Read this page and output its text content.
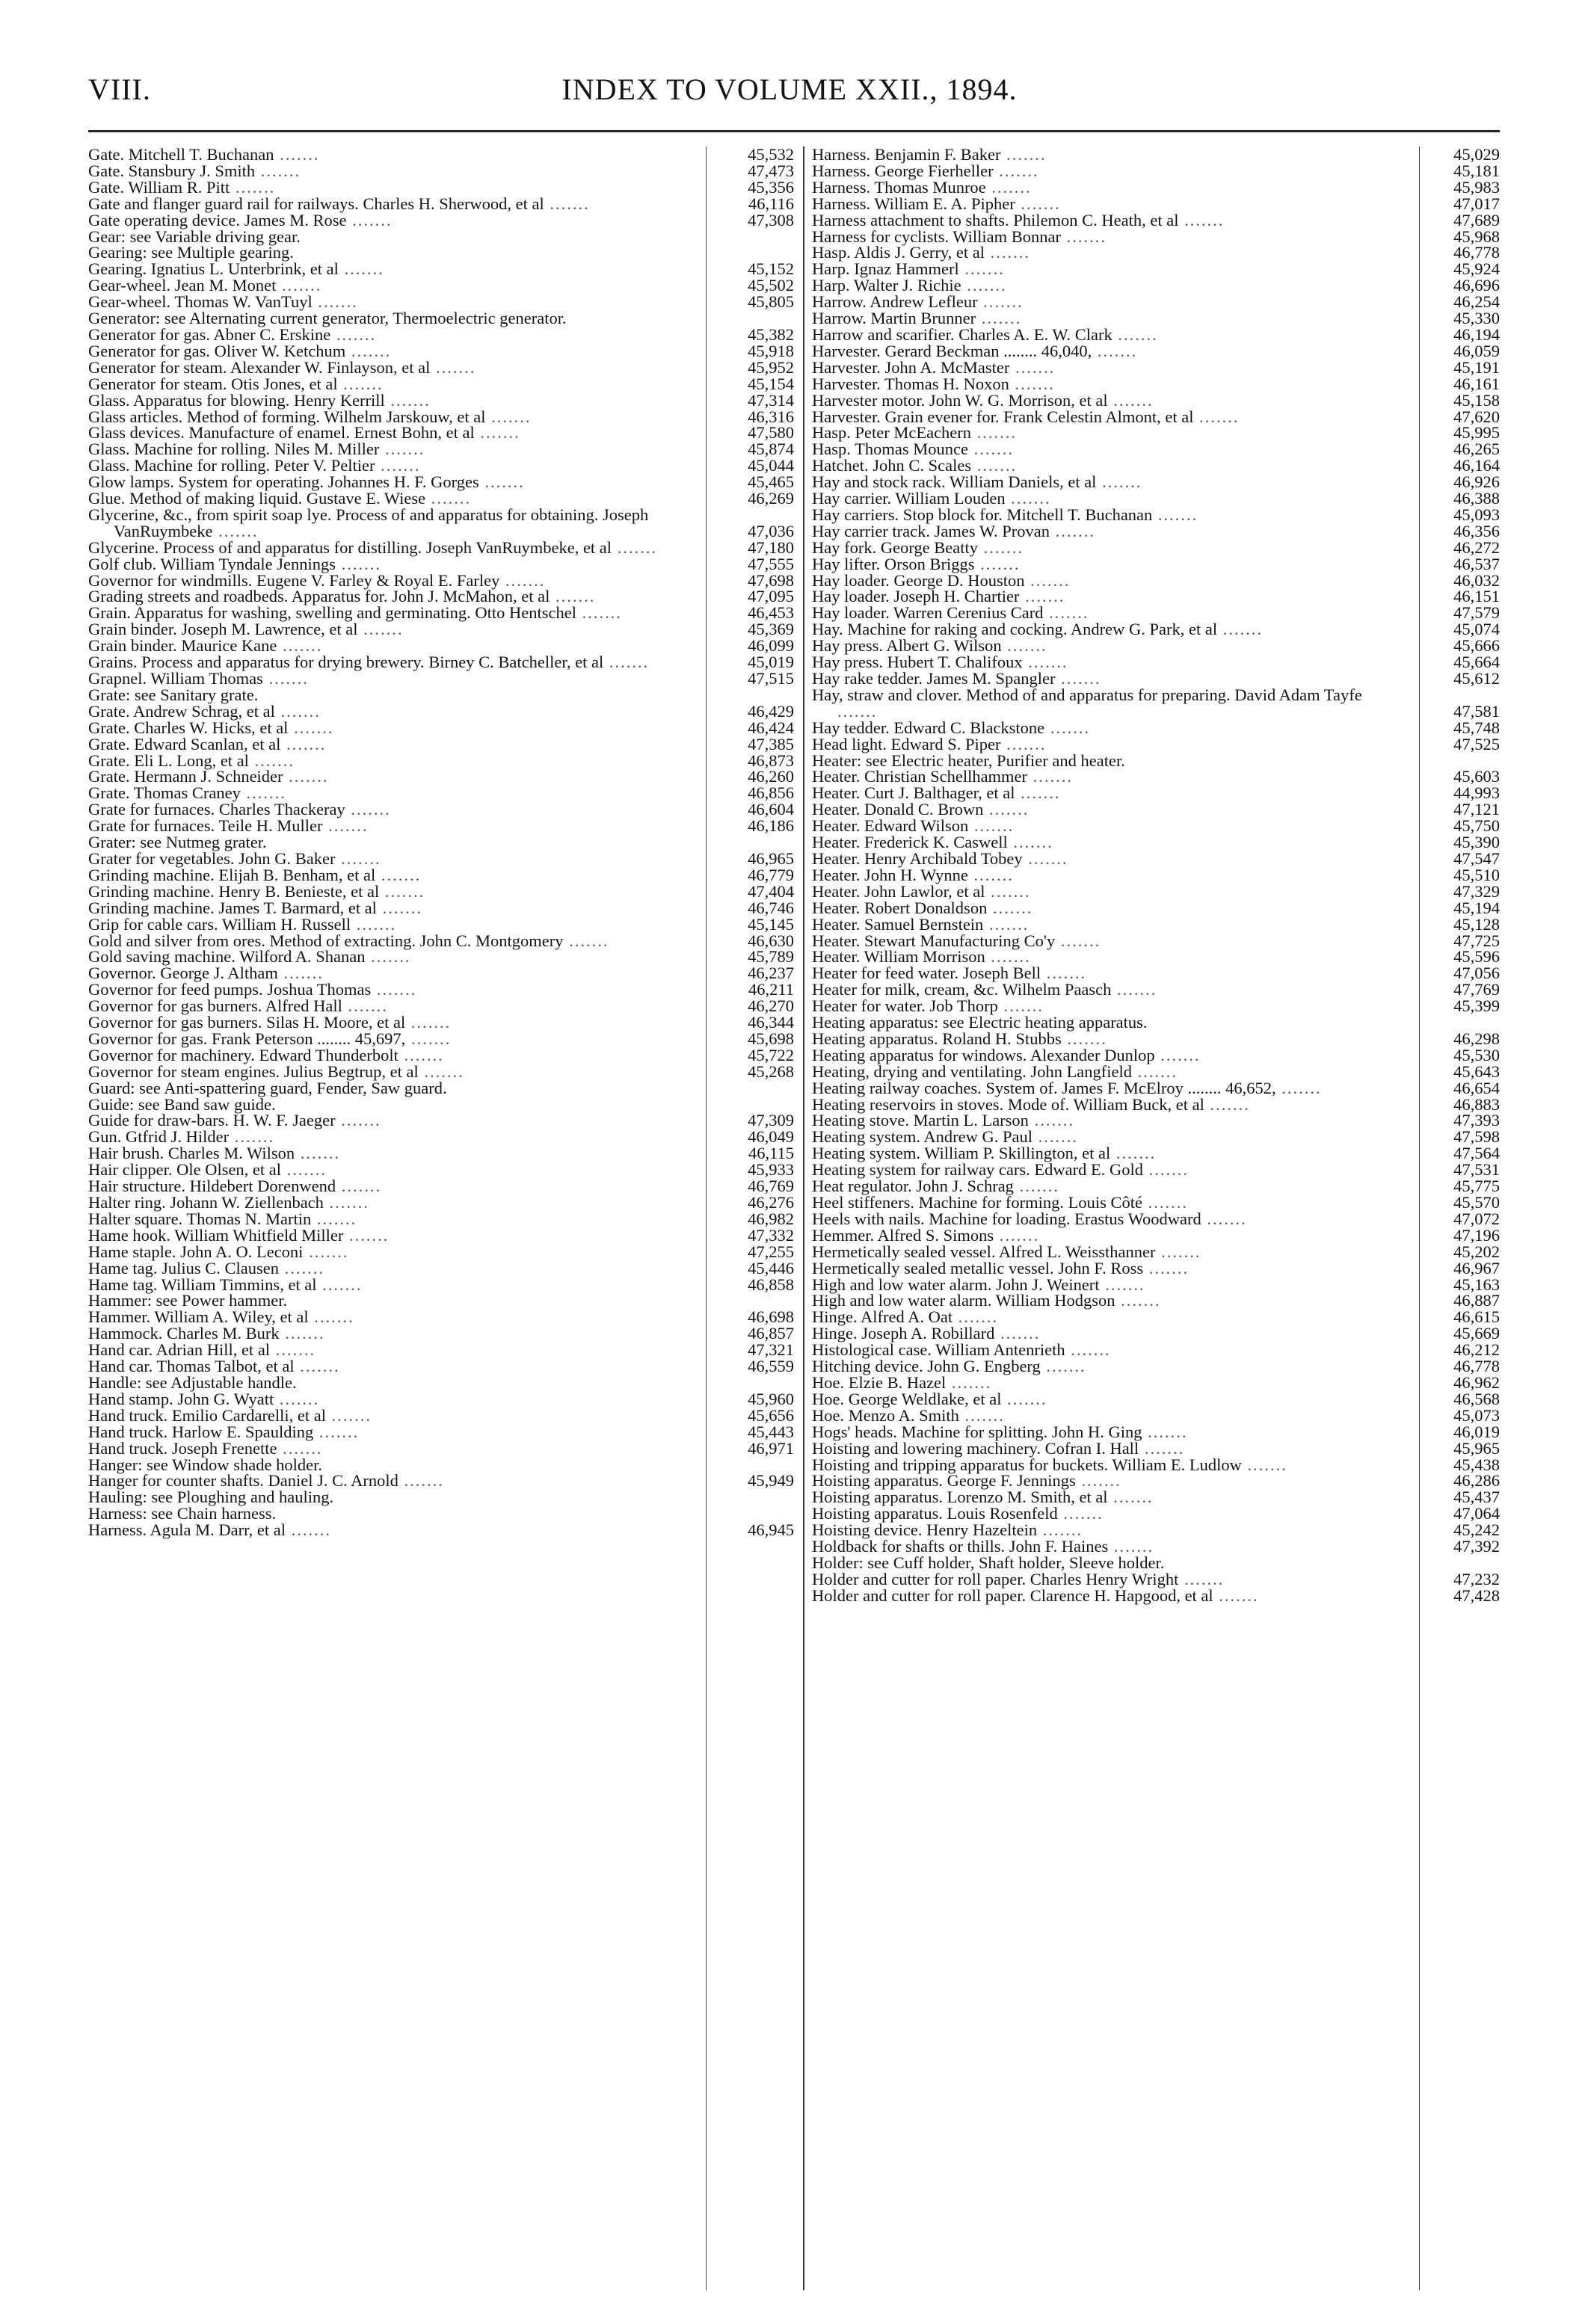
VIII.	INDEX TO VOLUME XXII., 1894.
Gate. Mitchell T. Buchanan .......	45,532
Gate. Stansbury J. Smith .......	47,473
Gate. William R. Pitt .......	45,356
Gate and flanger guard rail for railways. Charles H. Sherwood, et al .......	46,116
Gate operating device. James M. Rose .......	47,308
Gear: see Variable driving gear.
Gearing: see Multiple gearing.
Gearing. Ignatius L. Unterbrink, et al .......	45,152
Gear-wheel. Jean M. Monet .......	45,502
Gear-wheel. Thomas W. VanTuyl .......	45,805
Generator: see Alternating current generator, Thermoelectric generator.
Generator for gas. Abner C. Erskine .......	45,382
Generator for gas. Oliver W. Ketchum .......	45,918
Generator for steam. Alexander W. Finlayson, et al .......	45,952
Generator for steam. Otis Jones, et al .......	45,154
Glass. Apparatus for blowing. Henry Kerrill .......	47,314
Glass articles. Method of forming. Wilhelm Jarskouw, et al .......	46,316
Glass devices. Manufacture of enamel. Ernest Bohn, et al .......	47,580
Glass. Machine for rolling. Niles M. Miller .......	45,874
Glass. Machine for rolling. Peter V. Peltier .......	45,044
Glow lamps. System for operating. Johannes H. F. Gorges .......	45,465
Glue. Method of making liquid. Gustave E. Wiese .......	46,269
Glycerine, &c., from spirit soap lye. Process of and apparatus for obtaining. Joseph VanRuymbeke .......	47,036
Glycerine. Process of and apparatus for distilling. Joseph VanRuymbeke, et al .......	47,180
Golf club. William Tyndale Jennings .......	47,555
Governor for windmills. Eugene V. Farley & Royal E. Farley .......	47,698
Grading streets and roadbeds. Apparatus for. John J. McMahon, et al .......	47,095
Grain. Apparatus for washing, swelling and germinating. Otto Hentschel .......	46,453
Grain binder. Joseph M. Lawrence, et al .......	45,369
Grain binder. Maurice Kane .......	46,099
Grains. Process and apparatus for drying brewery. Birney C. Batcheller, et al .......	45,019
Grapnel. William Thomas .......	47,515
Grate: see Sanitary grate.
Grate. Andrew Schrag, et al .......	46,429
Grate. Charles W. Hicks, et al .......	46,424
Grate. Edward Scanlan, et al .......	47,385
Grate. Eli L. Long, et al .......	46,873
Grate. Hermann J. Schneider .......	46,260
Grate. Thomas Craney .......	46,856
Grate for furnaces. Charles Thackeray .......	46,604
Grate for furnaces. Teile H. Muller .......	46,186
Grater: see Nutmeg grater.
Grater for vegetables. John G. Baker .......	46,965
Grinding machine. Elijah B. Benham, et al .......	46,779
Grinding machine. Henry B. Benieste, et al .......	47,404
Grinding machine. James T. Barmard, et al .......	46,746
Grip for cable cars. William H. Russell .......	45,145
Gold and silver from ores. Method of extracting. John C. Montgomery .......	46,630
Gold saving machine. Wilford A. Shanan .......	45,789
Governor. George J. Altham .......	46,237
Governor for feed pumps. Joshua Thomas .......	46,211
Governor for gas burners. Alfred Hall .......	46,270
Governor for gas burners. Silas H. Moore, et al .......	46,344
Governor for gas. Frank Peterson ........ 45,697, .......	45,698
Governor for machinery. Edward Thunderbolt .......	45,722
Governor for steam engines. Julius Begtrup, et al .......	45,268
Guard: see Anti-spattering guard, Fender, Saw guard.
Guide: see Band saw guide.
Guide for draw-bars. H. W. F. Jaeger .......	47,309
Gun. Gtfrid J. Hilder .......	46,049
Hair brush. Charles M. Wilson .......	46,115
Hair clipper. Ole Olsen, et al .......	45,933
Hair structure. Hildebert Dorenwend .......	46,769
Halter ring. Johann W. Ziellenbach .......	46,276
Halter square. Thomas N. Martin .......	46,982
Hame hook. William Whitfield Miller .......	47,332
Hame staple. John A. O. Leconi .......	47,255
Hame tag. Julius C. Clausen .......	45,446
Hame tag. William Timmins, et al .......	46,858
Hammer: see Power hammer.
Hammer. William A. Wiley, et al .......	46,698
Hammock. Charles M. Burk .......	46,857
Hand car. Adrian Hill, et al .......	47,321
Hand car. Thomas Talbot, et al .......	46,559
Handle: see Adjustable handle.
Hand stamp. John G. Wyatt .......	45,960
Hand truck. Emilio Cardarelli, et al .......	45,656
Hand truck. Harlow E. Spaulding .......	45,443
Hand truck. Joseph Frenette .......	46,971
Hanger: see Window shade holder.
Hanger for counter shafts. Daniel J. C. Arnold .......	45,949
Hauling: see Ploughing and hauling.
Harness: see Chain harness.
Harness. Agula M. Darr, et al .......	46,945
Harness. Benjamin F. Baker .......	45,029
Harness. George Fierheller .......	45,181
Harness. Thomas Munroe .......	45,983
Harness. William E. A. Pipher .......	47,017
Harness attachment to shafts. Philemon C. Heath, et al .......	47,689
Harness for cyclists. William Bonnar .......	45,968
Hasp. Aldis J. Gerry, et al .......	46,778
Harp. Ignaz Hammerl .......	45,924
Harp. Walter J. Richie .......	46,696
Harrow. Andrew Lefleur .......	46,254
Harrow. Martin Brunner .......	45,330
Harrow and scarifier. Charles A. E. W. Clark .......	46,194
Harvester. Gerard Beckman ........ 46,040, .......	46,059
Harvester. John A. McMaster .......	45,191
Harvester. Thomas H. Noxon .......	46,161
Harvester motor. John W. G. Morrison, et al .......	45,158
Harvester. Grain evener for. Frank Celestin Almont, et al .......	47,620
Hasp. Peter McEachern .......	45,995
Hasp. Thomas Mounce .......	46,265
Hatchet. John C. Scales .......	46,164
Hay and stock rack. William Daniels, et al .......	46,926
Hay carrier. William Louden .......	46,388
Hay carriers. Stop block for. Mitchell T. Buchanan .......	45,093
Hay carrier track. James W. Provan .......	46,356
Hay fork. George Beatty .......	46,272
Hay lifter. Orson Briggs .......	46,537
Hay loader. George D. Houston .......	46,032
Hay loader. Joseph H. Chartier .......	46,151
Hay loader. Warren Cerenius Card .......	47,579
Hay. Machine for raking and cocking. Andrew G. Park, et al .......	45,074
Hay press. Albert G. Wilson .......	45,666
Hay press. Hubert T. Chalifoux .......	45,664
Hay rake tedder. James M. Spangler .......	45,612
Hay, straw and clover. Method of and apparatus for preparing. David Adam Tayfe .......	47,581
Hay tedder. Edward C. Blackstone .......	45,748
Head light. Edward S. Piper .......	47,525
Heater: see Electric heater, Purifier and heater.
Heater. Christian Schellhammer .......	45,603
Heater. Curt J. Balthager, et al .......	44,993
Heater. Donald C. Brown .......	47,121
Heater. Edward Wilson .......	45,750
Heater. Frederick K. Caswell .......	45,390
Heater. Henry Archibald Tobey .......	47,547
Heater. John H. Wynne .......	45,510
Heater. John Lawlor, et al .......	47,329
Heater. Robert Donaldson .......	45,194
Heater. Samuel Bernstein .......	45,128
Heater. Stewart Manufacturing Co'y .......	47,725
Heater. William Morrison .......	45,596
Heater for feed water. Joseph Bell .......	47,056
Heater for milk, cream, &c. Wilhelm Paasch .......	47,769
Heater for water. Job Thorp .......	45,399
Heating apparatus: see Electric heating apparatus.
Heating apparatus. Roland H. Stubbs .......	46,298
Heating apparatus for windows. Alexander Dunlop .......	45,530
Heating, drying and ventilating. John Langfield .......	45,643
Heating railway coaches. System of. James F. McElroy ........ 46,652, .......	46,654
Heating reservoirs in stoves. Mode of. William Buck, et al .......	46,883
Heating stove. Martin L. Larson .......	47,393
Heating system. Andrew G. Paul .......	47,598
Heating system. William P. Skillington, et al .......	47,564
Heating system for railway cars. Edward E. Gold .......	47,531
Heat regulator. John J. Schrag .......	45,775
Heel stiffeners. Machine for forming. Louis Côté .......	45,570
Heels with nails. Machine for loading. Erastus Woodward .......	47,072
Hemmer. Alfred S. Simons .......	47,196
Hermetically sealed vessel. Alfred L. Weissthanner .......	45,202
Hermetically sealed metallic vessel. John F. Ross .......	46,967
High and low water alarm. John J. Weinert .......	45,163
High and low water alarm. William Hodgson .......	46,887
Hinge. Alfred A. Oat .......	46,615
Hinge. Joseph A. Robillard .......	45,669
Histological case. William Antenrieth .......	46,212
Hitching device. John G. Engberg .......	46,778
Hoe. Elzie B. Hazel .......	46,962
Hoe. George Weldlake, et al .......	46,568
Hoe. Menzo A. Smith .......	45,073
Hogs' heads. Machine for splitting. John H. Ging .......	46,019
Hoisting and lowering machinery. Cofran I. Hall .......	45,965
Hoisting and tripping apparatus for buckets. William E. Ludlow .......	45,438
Hoisting apparatus. George F. Jennings .......	46,286
Hoisting apparatus. Lorenzo M. Smith, et al .......	45,437
Hoisting apparatus. Louis Rosenfeld .......	47,064
Hoisting device. Henry Hazeltein .......	45,242
Holdback for shafts or thills. John F. Haines .......	47,392
Holder: see Cuff holder, Shaft holder, Sleeve holder.
Holder and cutter for roll paper. Charles Henry Wright .......	47,232
Holder and cutter for roll paper. Clarence H. Hapgood, et al .......	47,428
